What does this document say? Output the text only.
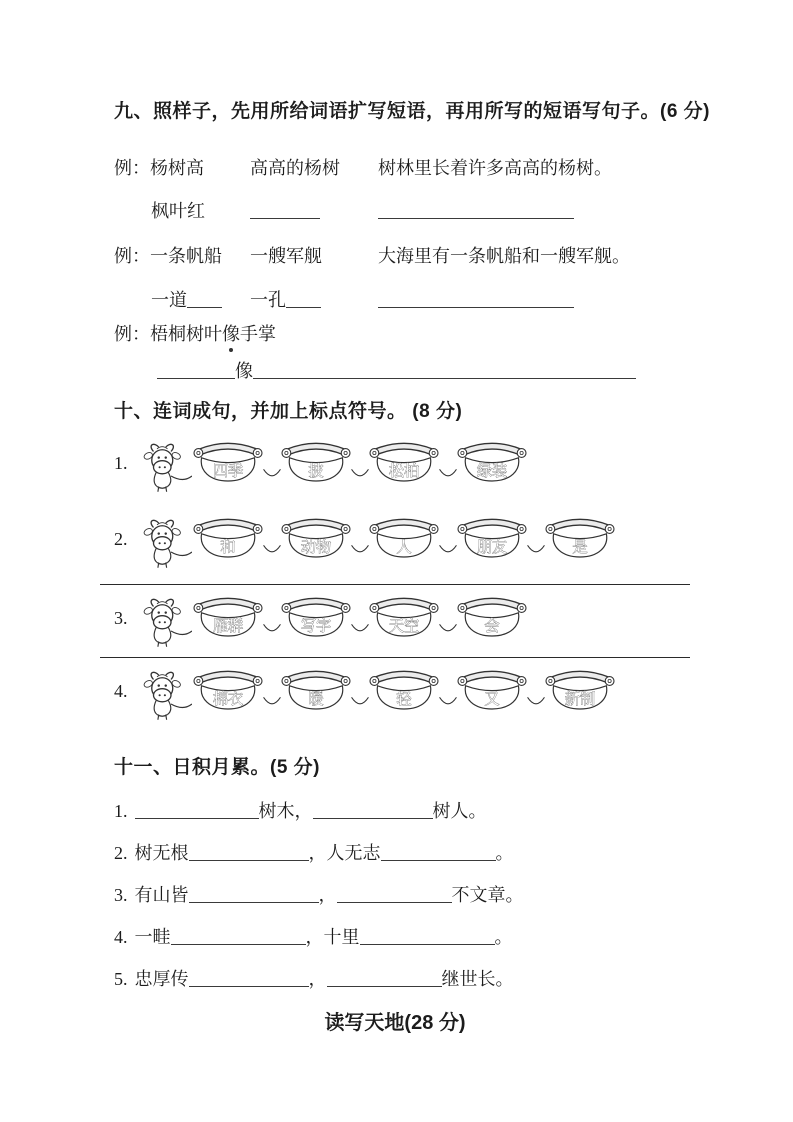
九、照样子，先用所给词语扩写短语，再用所写的短语写句子。(6 分)
例：杨树高	高高的杨树	树林里长着许多高高的杨树。
枫叶红
例：一条帆船	一艘军舰	大海里有一条帆船和一艘军舰。
一道	一孔
例：梧桐树叶 像 手掌
像
十、连词成句，并加上标点符号。 (8 分)
1.	四季	披	松柏	绿装
2.	和	动物	人	朋友	是
3.	雁群	写字	天空	会
4.	棉衣	暖	轻	又	新制
十一、日积月累。(5 分)
1.	树木，	树人。
2. 树无根	，人无志	。
3. 有山皆	，	不文章。
4. 一畦	，十里	。
5. 忠厚传	，	继世长。
读写天地(28 分)
